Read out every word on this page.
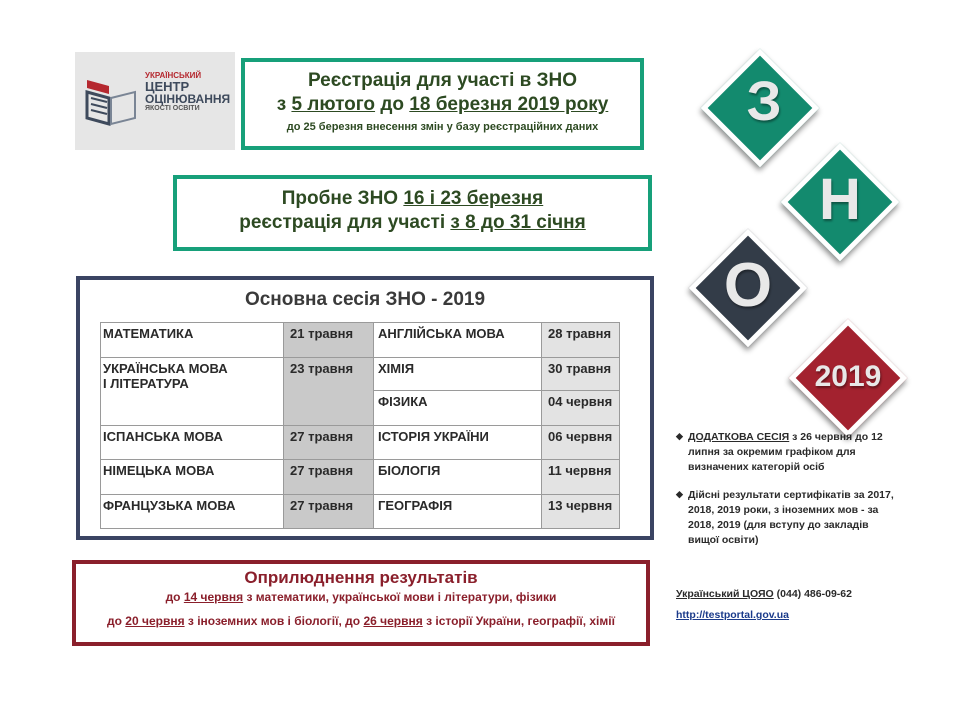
УКРАЇНСЬКИЙ
ЦЕНТР
ОЦІНЮВАННЯ
ЯКОСТІ ОСВІТИ
Реєстрація для участі в ЗНО
з 5 лютого до 18 березня 2019 року
до 25 березня внесення змін у базу реєстраційних даних
Пробне ЗНО 16 і 23 березня
реєстрація для участі з 8 до 31 січня
Основна сесія ЗНО - 2019
МАТЕМАТИКА	21 травня	АНГЛІЙСЬКА МОВА	28 травня
УКРАЇНСЬКА МОВА
І ЛІТЕРАТУРА	23 травня	ХІМІЯ	30 травня
		ФІЗИКА	04 червня
ІСПАНСЬКА МОВА	27 травня	ІСТОРІЯ УКРАЇНИ	06 червня
НІМЕЦЬКА МОВА	27 травня	БІОЛОГІЯ	11 червня
ФРАНЦУЗЬКА МОВА	27 травня	ГЕОГРАФІЯ	13 червня
Оприлюднення результатів
до 14 червня з математики, української мови і літератури, фізики
до 20 червня з іноземних мов і біології, до 26 червня з історії України, географії, хімії
З
Н
О
2019
◆ ДОДАТКОВА СЕСІЯ з 26 червня до 12 липня за окремим графіком для визначених категорій осіб
◆ Дійсні результати сертифікатів за 2017, 2018, 2019 роки, з іноземних мов - за 2018, 2019 (для вступу до закладів вищої освіти)
Український ЦОЯО (044) 486-09-62
http://testportal.gov.ua
